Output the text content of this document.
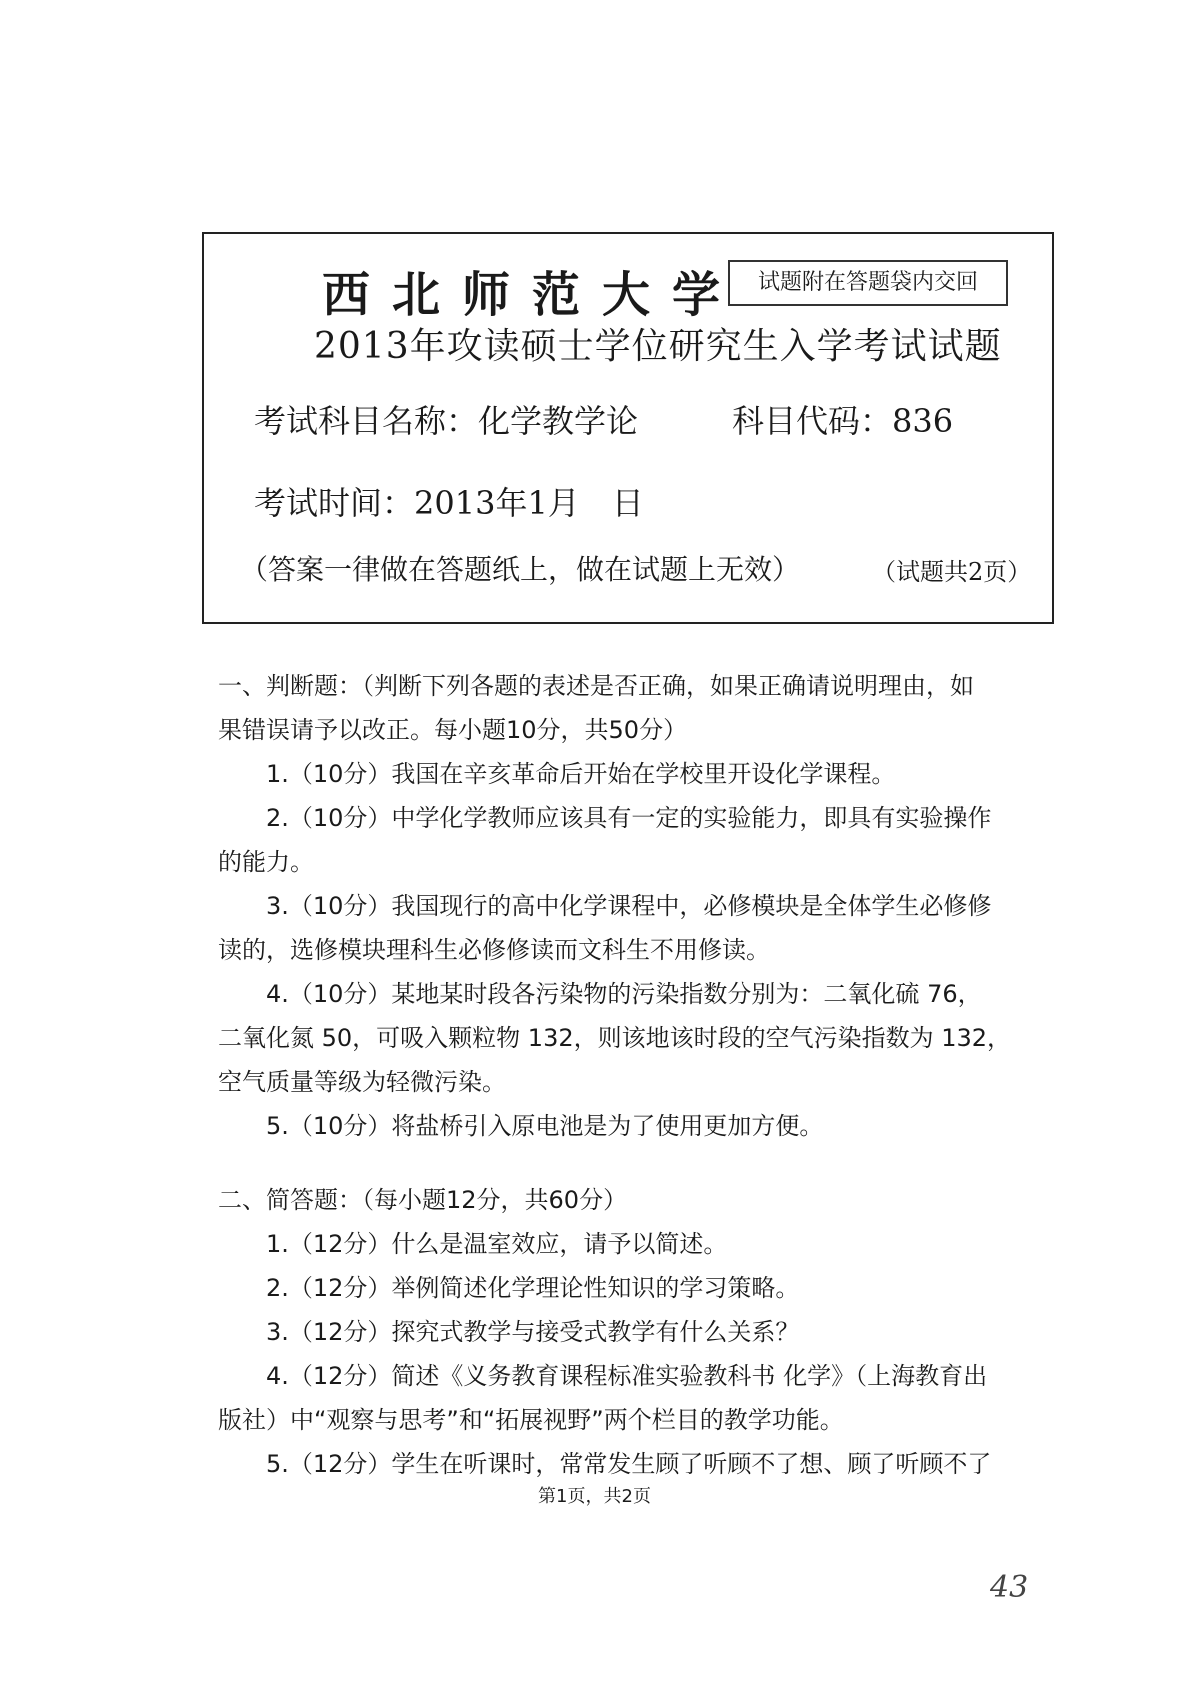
西北师范大学 试题附在答题袋内交回
2013年攻读硕士学位研究生入学考试试题
考试科目名称：化学教学论	科目代码：836
考试时间：2013年1月　日
（答案一律做在答题纸上，做在试题上无效）	（试题共2页）
一、判断题：（判断下列各题的表述是否正确，如果正确请说明理由，如
果错误请予以改正。每小题10分，共50分）
1.（10分）我国在辛亥革命后开始在学校里开设化学课程。
2.（10分）中学化学教师应该具有一定的实验能力，即具有实验操作
的能力。
3.（10分）我国现行的高中化学课程中，必修模块是全体学生必修修
读的，选修模块理科生必修修读而文科生不用修读。
4.（10分）某地某时段各污染物的污染指数分别为：二氧化硫 76，
二氧化氮 50，可吸入颗粒物 132，则该地该时段的空气污染指数为 132，
空气质量等级为轻微污染。
5.（10分）将盐桥引入原电池是为了使用更加方便。
二、简答题：（每小题12分，共60分）
1.（12分）什么是温室效应，请予以简述。
2.（12分）举例简述化学理论性知识的学习策略。
3.（12分）探究式教学与接受式教学有什么关系？
4.（12分）简述《义务教育课程标准实验教科书 化学》（上海教育出
版社）中“观察与思考”和“拓展视野”两个栏目的教学功能。
5.（12分）学生在听课时，常常发生顾了听顾不了想、顾了听顾不了
第1页，共2页
43
